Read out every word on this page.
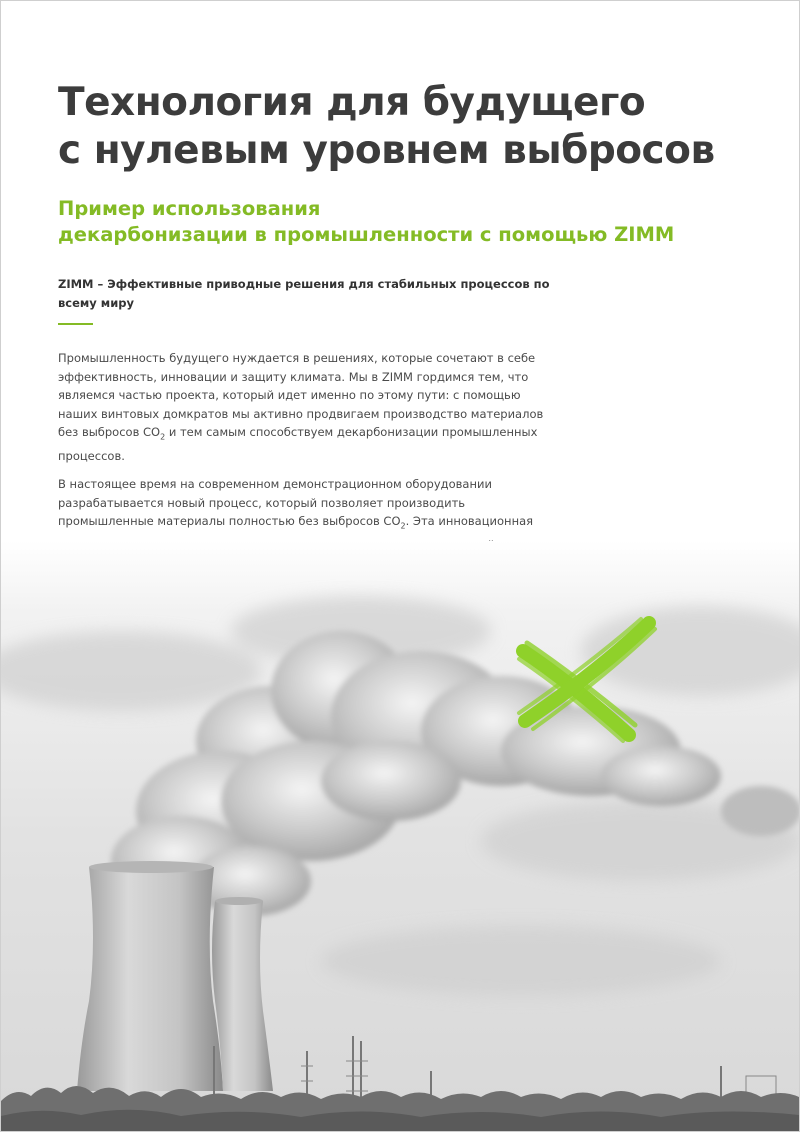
Технология для будущего
с нулевым уровнем выбросов
Пример использования
декарбонизации в промышленности с помощью ZIMM

ZIMM – Эффективные приводные решения для стабильных процессов по
всему миру

Промышленность будущего нуждается в решениях, которые сочетают в себе
эффективность, инновации и защиту климата. Мы в ZIMM гордимся тем, что
являемся частью проекта, который идет именно по этому пути: с помощью
наших винтовых домкратов мы активно продвигаем производство материалов
без выбросов $CO_2$ и тем самым способствуем декарбонизации промышленных
процессов.

В настоящее время на современном демонстрационном оборудовании
разрабатывается новый процесс, который позволяет производить
промышленные материалы полностью без выбросов $CO_2$. Эта инновационная
